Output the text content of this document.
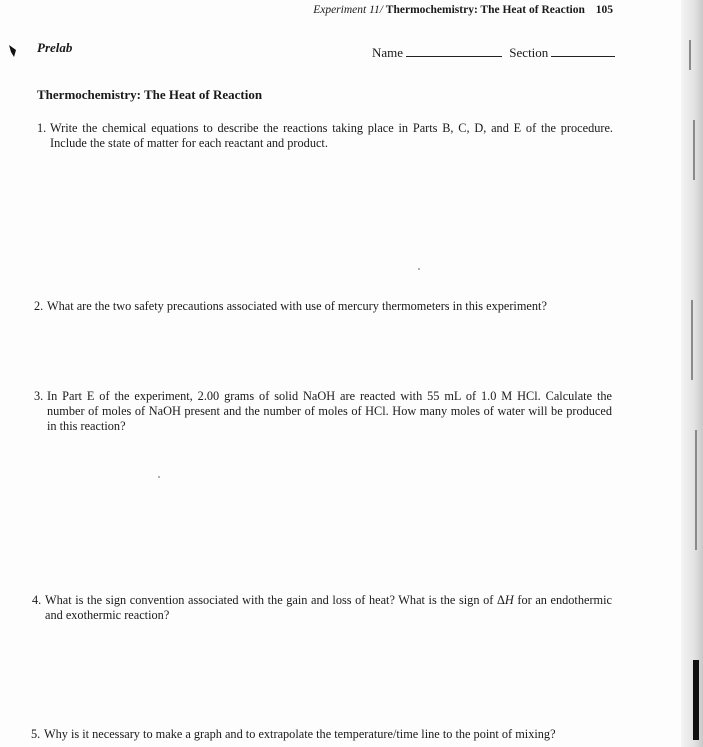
Experiment 11/ Thermochemistry: The Heat of Reaction 105
Prelab	Name	Section
Thermochemistry: The Heat of Reaction
1. Write the chemical equations to describe the reactions taking place in Parts B, C, D, and E of the procedure. Include the state of matter for each reactant and product.
2. What are the two safety precautions associated with use of mercury thermometers in this experiment?
3. In Part E of the experiment, 2.00 grams of solid NaOH are reacted with 55 mL of 1.0 M HCl. Calculate the number of moles of NaOH present and the number of moles of HCl. How many moles of water will be produced in this reaction?
4. What is the sign convention associated with the gain and loss of heat? What is the sign of ΔH for an endothermic and exothermic reaction?
5. Why is it necessary to make a graph and to extrapolate the temperature/time line to the point of mixing?
